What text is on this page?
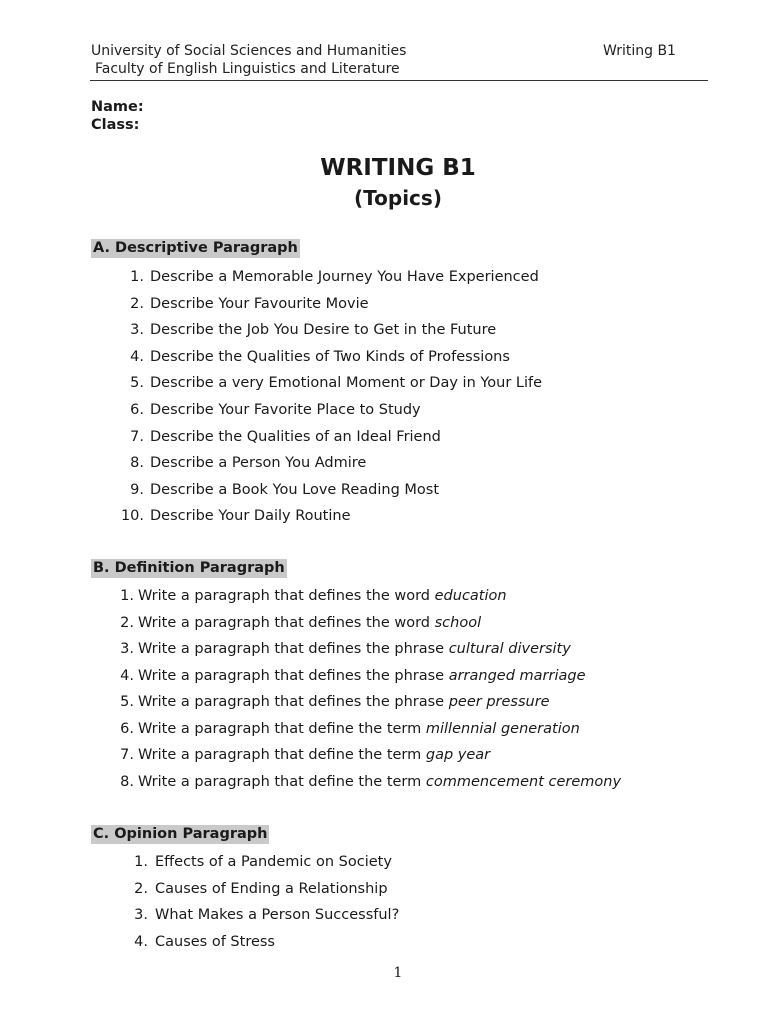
University of Social Sciences and Humanities
Faculty of English Linguistics and Literature
Writing B1
Name:
Class:
WRITING B1
(Topics)
A. Descriptive Paragraph
1. Describe a Memorable Journey You Have Experienced
2. Describe Your Favourite Movie
3. Describe the Job You Desire to Get in the Future
4. Describe the Qualities of Two Kinds of Professions
5. Describe a very Emotional Moment or Day in Your Life
6. Describe Your Favorite Place to Study
7. Describe the Qualities of an Ideal Friend
8. Describe a Person You Admire
9. Describe a Book You Love Reading Most
10. Describe Your Daily Routine
B. Definition Paragraph
1. Write a paragraph that defines the word education
2. Write a paragraph that defines the word school
3. Write a paragraph that defines the phrase cultural diversity
4. Write a paragraph that defines the phrase arranged marriage
5. Write a paragraph that defines the phrase peer pressure
6. Write a paragraph that define the term millennial generation
7. Write a paragraph that define the term gap year
8. Write a paragraph that define the term commencement ceremony
C. Opinion Paragraph
1. Effects of a Pandemic on Society
2. Causes of Ending a Relationship
3. What Makes a Person Successful?
4. Causes of Stress
1
